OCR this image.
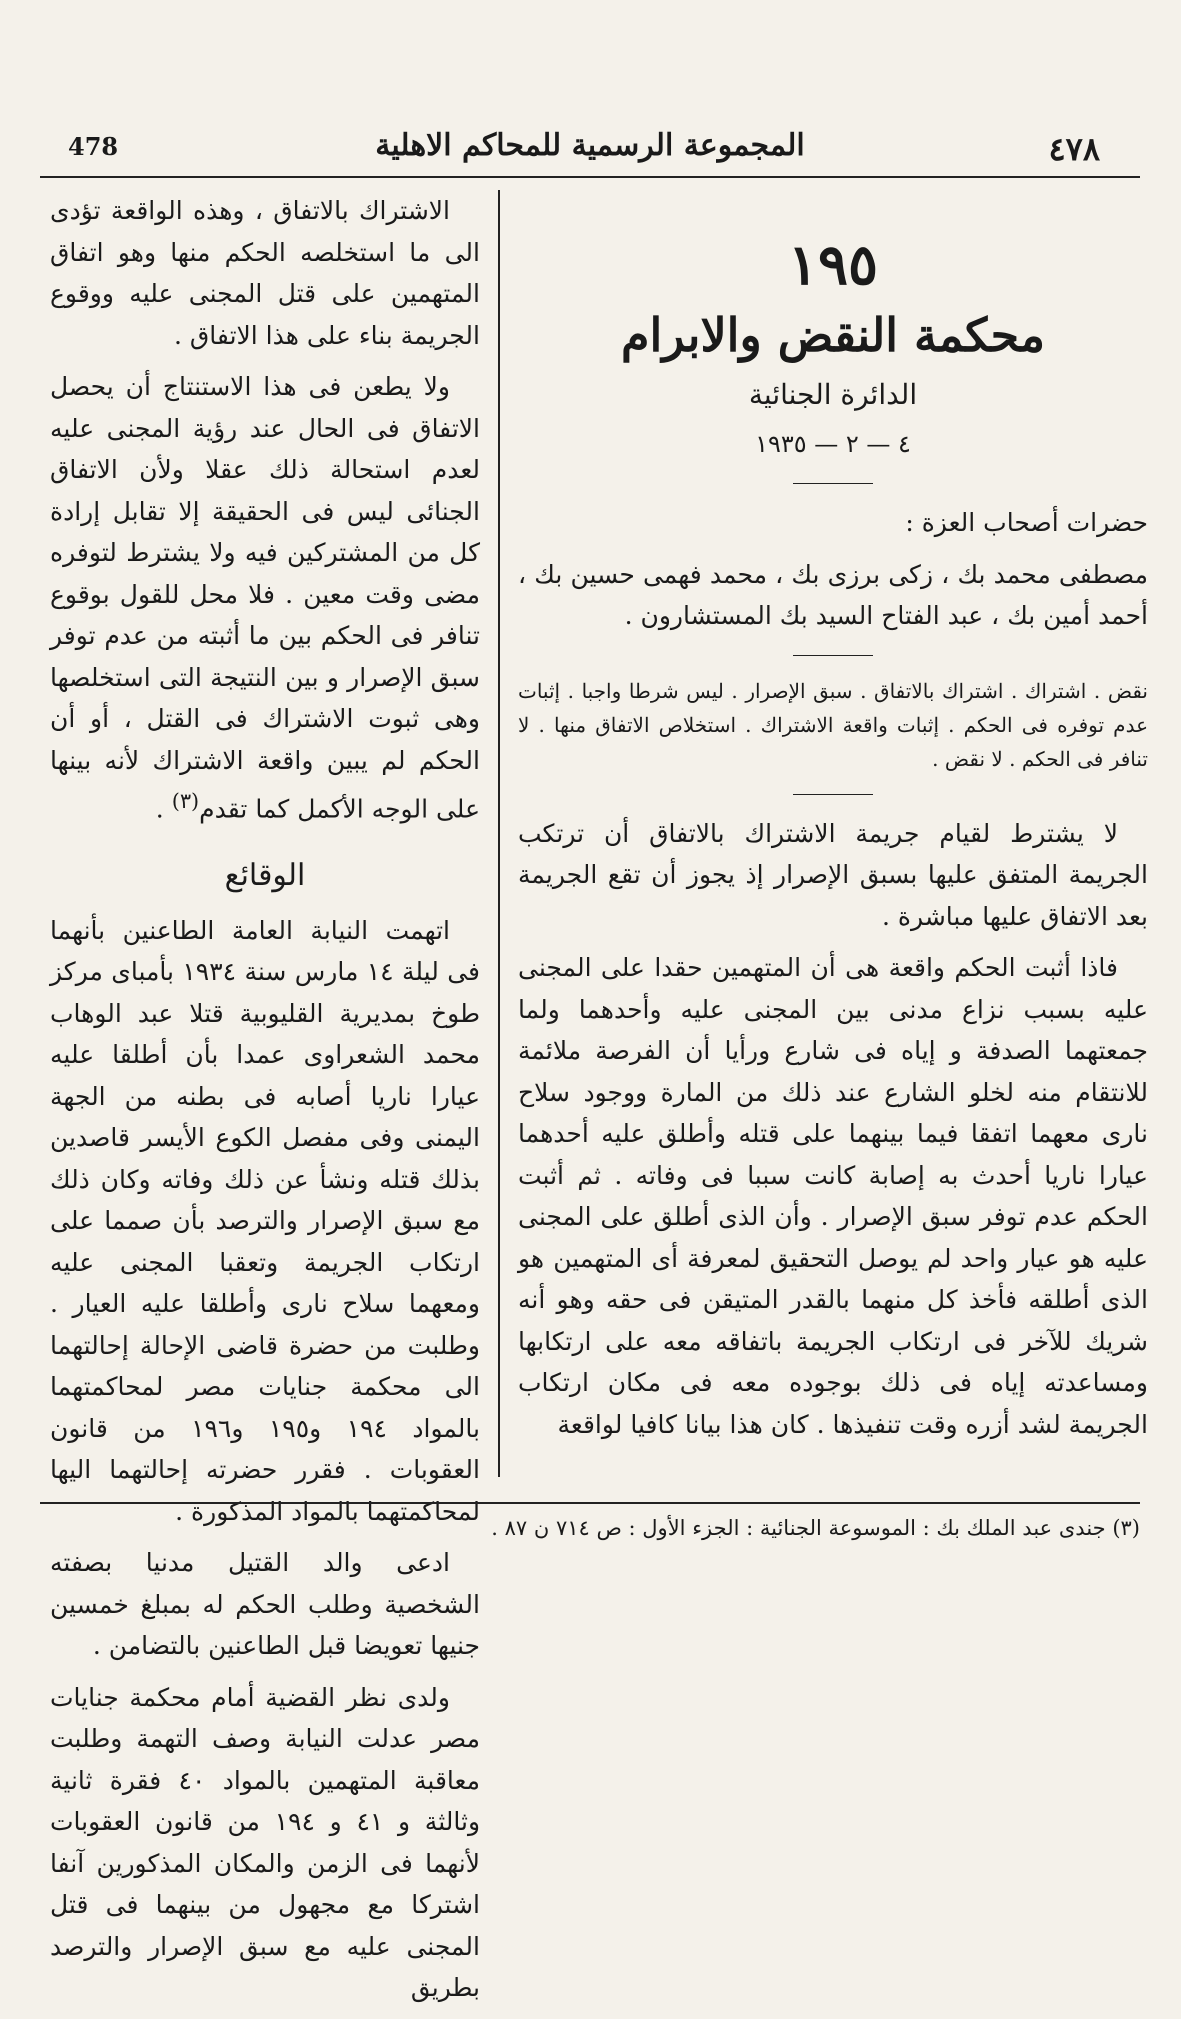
478	المجموعة الرسمية للمحاكم الاهلية	٤٧٨
١٩٥
محكمة النقض والابرام
الدائرة الجنائية
٤ — ٢ — ١٩٣٥

حضرات أصحاب العزة :

مصطفى محمد بك ، زكى برزى بك ، محمد فهمى حسين بك ، أحمد أمين بك ، عبد الفتاح السيد بك المستشارون .

نقض . اشتراك . اشتراك بالاتفاق . سبق الإصرار . ليس شرطا واجبا . إثبات عدم توفره فى الحكم . إثبات واقعة الاشتراك . استخلاص الاتفاق منها . لا تنافر فى الحكم . لا نقض .

لا يشترط لقيام جريمة الاشتراك بالاتفاق أن ترتكب الجريمة المتفق عليها بسبق الإصرار إذ يجوز أن تقع الجريمة بعد الاتفاق عليها مباشرة .

فاذا أثبت الحكم واقعة هى أن المتهمين حقدا على المجنى عليه بسبب نزاع مدنى بين المجنى عليه وأحدهما ولما جمعتهما الصدفة و إياه فى شارع ورأيا أن الفرصة ملائمة للانتقام منه لخلو الشارع عند ذلك من المارة ووجود سلاح نارى معهما اتفقا فيما بينهما على قتله وأطلق عليه أحدهما عيارا ناريا أحدث به إصابة كانت سببا فى وفاته . ثم أثبت الحكم عدم توفر سبق الإصرار . وأن الذى أطلق على المجنى عليه هو عيار واحد لم يوصل التحقيق لمعرفة أى المتهمين هو الذى أطلقه فأخذ كل منهما بالقدر المتيقن فى حقه وهو أنه شريك للآخر فى ارتكاب الجريمة باتفاقه معه على ارتكابها ومساعدته إياه فى ذلك بوجوده معه فى مكان ارتكاب الجريمة لشد أزره وقت تنفيذها . كان هذا بيانا كافيا لواقعة

الاشتراك بالاتفاق ، وهذه الواقعة تؤدى الى ما استخلصه الحكم منها وهو اتفاق المتهمين على قتل المجنى عليه ووقوع الجريمة بناء على هذا الاتفاق .

ولا يطعن فى هذا الاستنتاج أن يحصل الاتفاق فى الحال عند رؤية المجنى عليه لعدم استحالة ذلك عقلا ولأن الاتفاق الجنائى ليس فى الحقيقة إلا تقابل إرادة كل من المشتركين فيه ولا يشترط لتوفره مضى وقت معين . فلا محل للقول بوقوع تنافر فى الحكم بين ما أثبته من عدم توفر سبق الإصرار و بين النتيجة التى استخلصها وهى ثبوت الاشتراك فى القتل ، أو أن الحكم لم يبين واقعة الاشتراك لأنه بينها على الوجه الأكمل كما تقدم$^{(٣)}$ .

الوقائع

اتهمت النيابة العامة الطاعنين بأنهما فى ليلة ١٤ مارس سنة ١٩٣٤ بأمباى مركز طوخ بمديرية القليوبية قتلا عبد الوهاب محمد الشعراوى عمدا بأن أطلقا عليه عيارا ناريا أصابه فى بطنه من الجهة اليمنى وفى مفصل الكوع الأيسر قاصدين بذلك قتله ونشأ عن ذلك وفاته وكان ذلك مع سبق الإصرار والترصد بأن صمما على ارتكاب الجريمة وتعقبا المجنى عليه ومعهما سلاح نارى وأطلقا عليه العيار . وطلبت من حضرة قاضى الإحالة إحالتهما الى محكمة جنايات مصر لمحاكمتهما بالمواد ١٩٤ و١٩٥ و١٩٦ من قانون العقوبات . فقرر حضرته إحالتهما اليها لمحاكمتهما بالمواد المذكورة .

ادعى والد القتيل مدنيا بصفته الشخصية وطلب الحكم له بمبلغ خمسين جنيها تعويضا قبل الطاعنين بالتضامن .

ولدى نظر القضية أمام محكمة جنايات مصر عدلت النيابة وصف التهمة وطلبت معاقبة المتهمين بالمواد ٤٠ فقرة ثانية وثالثة و ٤١ و ١٩٤ من قانون العقوبات لأنهما فى الزمن والمكان المذكورين آنفا اشتركا مع مجهول من بينهما فى قتل المجنى عليه مع سبق الإصرار والترصد بطريق

(٣) جندى عبد الملك بك : الموسوعة الجنائية : الجزء الأول : ص ٧١٤ ن ٨٧ .
